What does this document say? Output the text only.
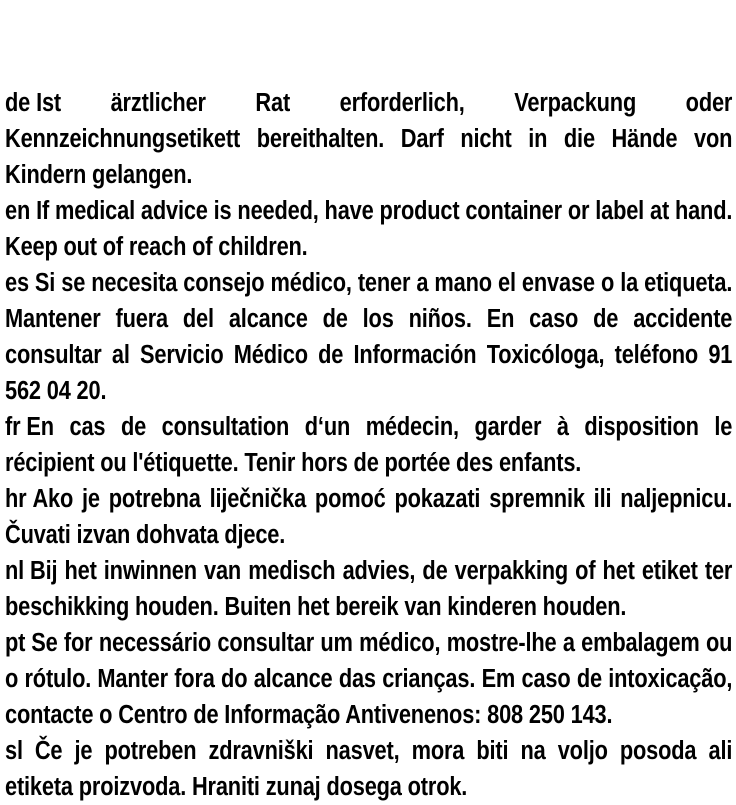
de Ist ärztlicher Rat erforderlich, Verpackung oder Kennzeichnungsetikett bereithalten. Darf nicht in die Hände von Kindern gelangen.

en If medical advice is needed, have product container or label at hand. Keep out of reach of children.

es Si se necesita consejo médico, tener a mano el envase o la etiqueta. Mantener fuera del alcance de los niños. En caso de accidente consultar al Servicio Médico de Información Toxicóloga, teléfono 91 562 04 20.

fr En cas de consultation d‘un médecin, garder à disposition le récipient ou l'étiquette. Tenir hors de portée des enfants.

hr Ako je potrebna liječnička pomoć pokazati spremnik ili naljepnicu. Čuvati izvan dohvata djece.

nl Bij het inwinnen van medisch advies, de verpakking of het etiket ter beschikking houden. Buiten het bereik van kinderen houden.

pt Se for necessário consultar um médico, mostre-lhe a embalagem ou o rótulo. Manter fora do alcance das crianças. Em caso de intoxicação, contacte o Centro de Informação Antivenenos: 808 250 143.

sl Če je potreben zdravniški nasvet, mora biti na voljo posoda ali etiketa proizvoda. Hraniti zunaj dosega otrok.
